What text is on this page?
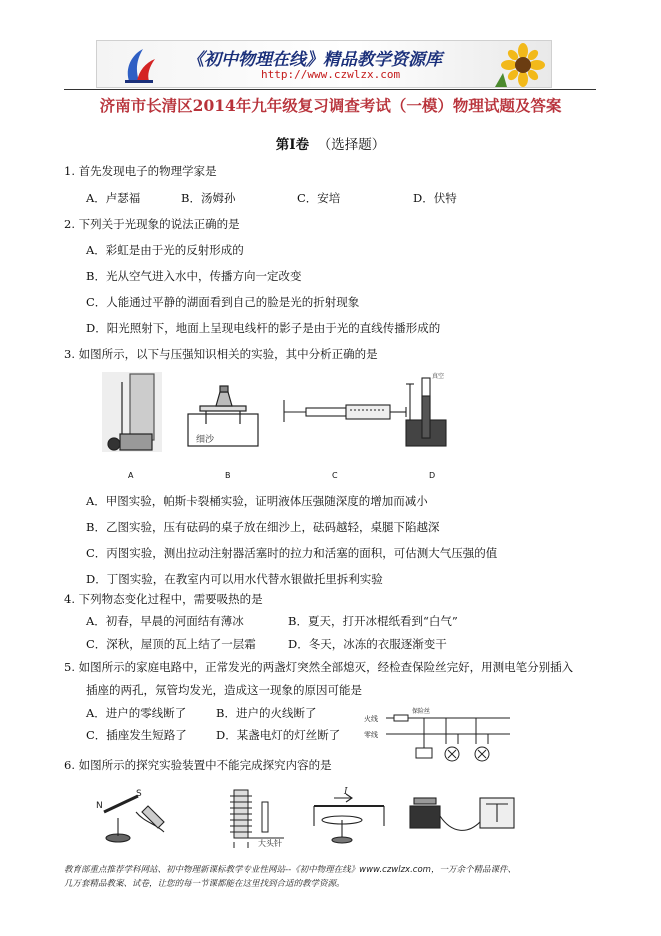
《初中物理在线》精品教学资源库
http://www.czwlzx.com
济南市长清区2014年九年级复习调查考试（一模）物理试题及答案
第Ⅰ卷 （选择题）
1. 首先发现电子的物理学家是
A．卢瑟福	B．汤姆孙	C．安培	D．伏特
2. 下列关于光现象的说法正确的是
A．彩虹是由于光的反射形成的
B．光从空气进入水中，传播方向一定改变
C．人能通过平静的湖面看到自己的脸是光的折射现象
D．阳光照射下，地面上呈现电线杆的影子是由于光的直线传播形成的
3. 如图所示，以下与压强知识相关的实验，其中分析正确的是
细沙
真空
A	B	C	D
A．甲图实验，帕斯卡裂桶实验，证明液体压强随深度的增加而减小
B．乙图实验，压有砝码的桌子放在细沙上，砝码越轻，桌腿下陷越深
C．丙图实验，测出拉动注射器活塞时的拉力和活塞的面积，可估测大气压强的值
D．丁图实验，在教室内可以用水代替水银做托里拆利实验
4. 下列物态变化过程中，需要吸热的是
A．初春，早晨的河面结有薄冰	B．夏天，打开冰棍纸看到“白气”
C．深秋，屋顶的瓦上结了一层霜	D．冬天，冰冻的衣服逐渐变干
5. 如图所示的家庭电路中，正常发光的两盏灯突然全部熄灭，经检查保险丝完好，用测电笔分别插入
插座的两孔，氖管均发光，造成这一现象的原因可能是
A．进户的零线断了	B．进户的火线断了
C．插座发生短路了	D．某盏电灯的灯丝断了
火线
零线
保险丝
6. 如图所示的探究实验装置中不能完成探究内容的是
N
S
大头针
I
教育部重点推荐学科网站、初中物理新课标教学专业性网站--《初中物理在线》www.czwlzx.com，一万余个精品课件、
几万套精品教案、试卷，让您的每一节课都能在这里找到合适的教学资源。
